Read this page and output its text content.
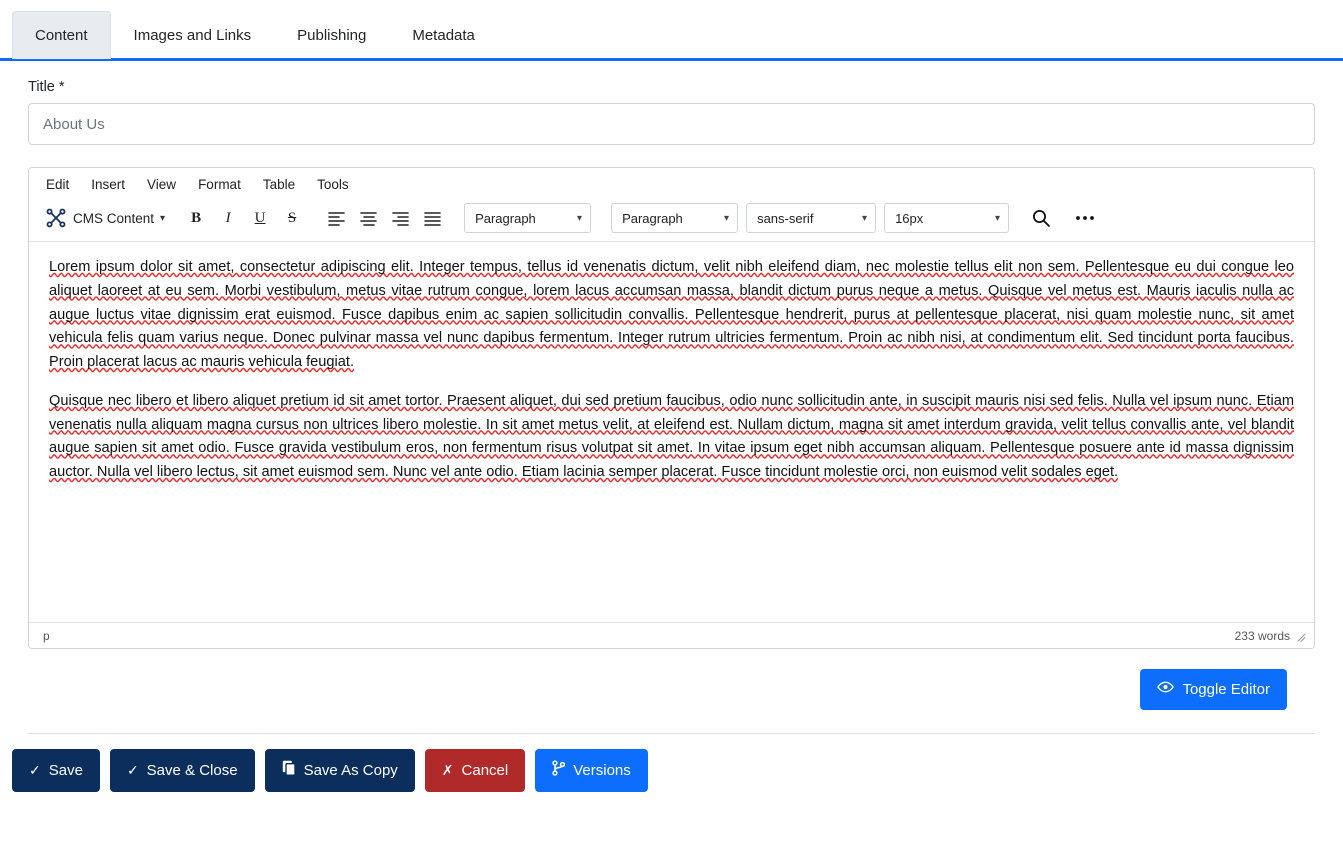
Content	Images and Links	Publishing	Metadata
Title *
About Us
Edit	Insert	View	Format	Table	Tools
CMS Content ▾	B	I	U	S	Paragraph	▾	Paragraph	▾ sans-serif	▾ 16px	▾

Lorem ipsum dolor sit amet, consectetur adipiscing elit. Integer tempus, tellus id venenatis dictum, velit nibh eleifend diam, nec molestie tellus elit non sem. Pellentesque eu dui congue leo aliquet laoreet at eu sem. Morbi vestibulum, metus vitae rutrum congue, lorem lacus accumsan massa, blandit dictum purus neque a metus. Quisque vel metus est. Mauris iaculis nulla ac augue luctus vitae dignissim erat euismod. Fusce dapibus enim ac sapien sollicitudin convallis. Pellentesque hendrerit, purus at pellentesque placerat, nisi quam molestie nunc, sit amet vehicula felis quam varius neque. Donec pulvinar massa vel nunc dapibus fermentum. Integer rutrum ultricies fermentum. Proin ac nibh nisi, at condimentum elit. Sed tincidunt porta faucibus. Proin placerat lacus ac mauris vehicula feugiat.

Quisque nec libero et libero aliquet pretium id sit amet tortor. Praesent aliquet, dui sed pretium faucibus, odio nunc sollicitudin ante, in suscipit mauris nisi sed felis. Nulla vel ipsum nunc. Etiam venenatis nulla aliquam magna cursus non ultrices libero molestie. In sit amet metus velit, at eleifend est. Nullam dictum, magna sit amet interdum gravida, velit tellus convallis ante, vel blandit augue sapien sit amet odio. Fusce gravida vestibulum eros, non fermentum risus volutpat sit amet. In vitae ipsum eget nibh accumsan aliquam. Pellentesque posuere ante id massa dignissim auctor. Nulla vel libero lectus, sit amet euismod sem. Nunc vel ante odio. Etiam lacinia semper placerat. Fusce tincidunt molestie orci, non euismod velit sodales eget.

p	233 words
Toggle Editor
✓ Save	✓ Save & Close	Save As Copy	✗ Cancel	Versions
